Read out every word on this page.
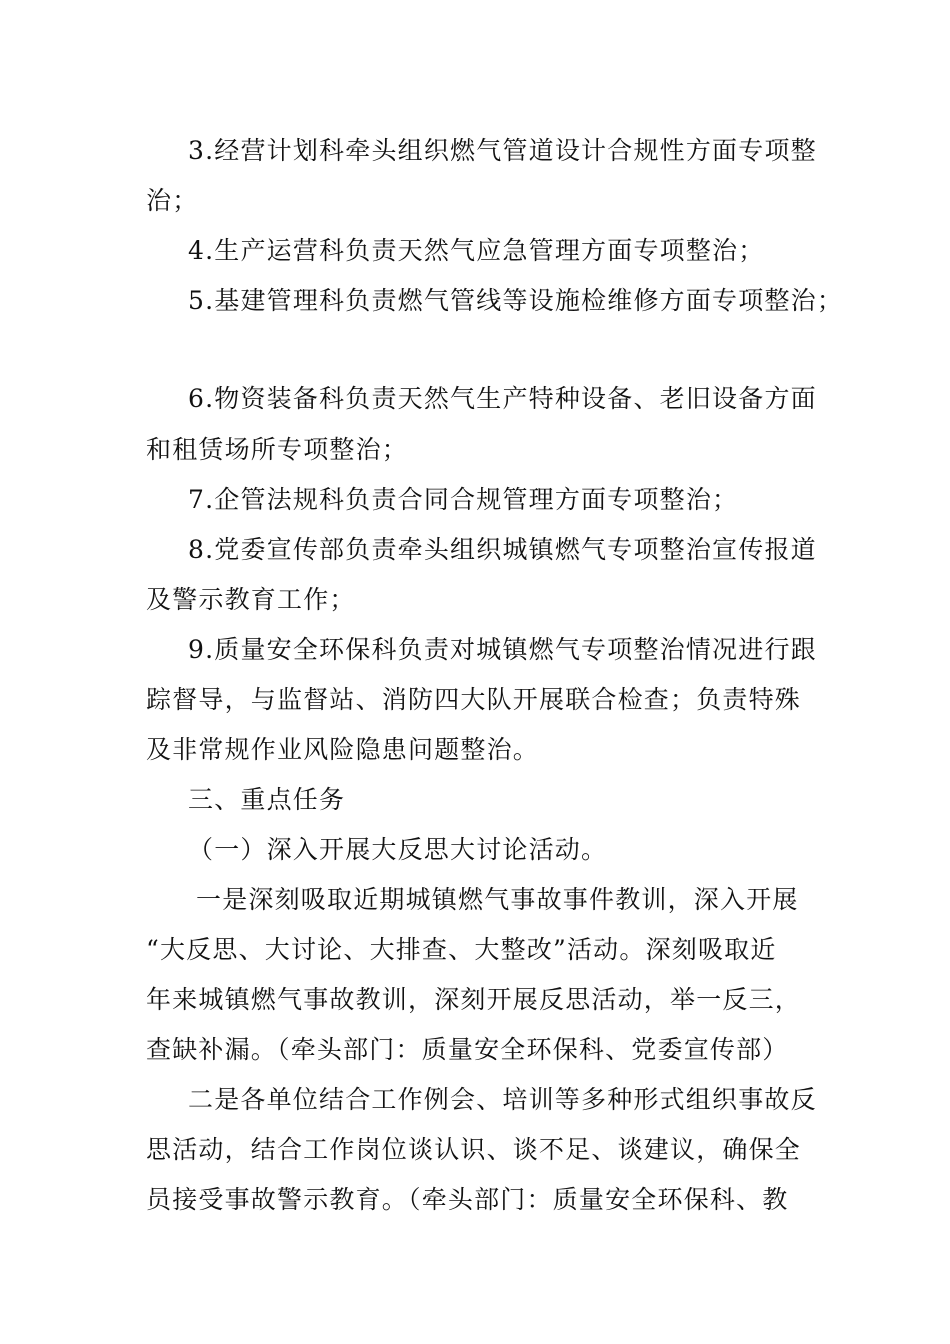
3.经营计划科牵头组织燃气管道设计合规性方面专项整
治；
4.生产运营科负责天然气应急管理方面专项整治；
5.基建管理科负责燃气管线等设施检维修方面专项整治；
6.物资装备科负责天然气生产特种设备、老旧设备方面
和租赁场所专项整治；
7.企管法规科负责合同合规管理方面专项整治；
8.党委宣传部负责牵头组织城镇燃气专项整治宣传报道
及警示教育工作；
9.质量安全环保科负责对城镇燃气专项整治情况进行跟
踪督导，与监督站、消防四大队开展联合检查；负责特殊
及非常规作业风险隐患问题整治。
三、重点任务
（一）深入开展大反思大讨论活动。
一是深刻吸取近期城镇燃气事故事件教训，深入开展
“大反思、大讨论、大排查、大整改”活动。深刻吸取近
年来城镇燃气事故教训，深刻开展反思活动，举一反三，
查缺补漏。（牵头部门：质量安全环保科、党委宣传部）
二是各单位结合工作例会、培训等多种形式组织事故反
思活动，结合工作岗位谈认识、谈不足、谈建议，确保全
员接受事故警示教育。（牵头部门：质量安全环保科、教
